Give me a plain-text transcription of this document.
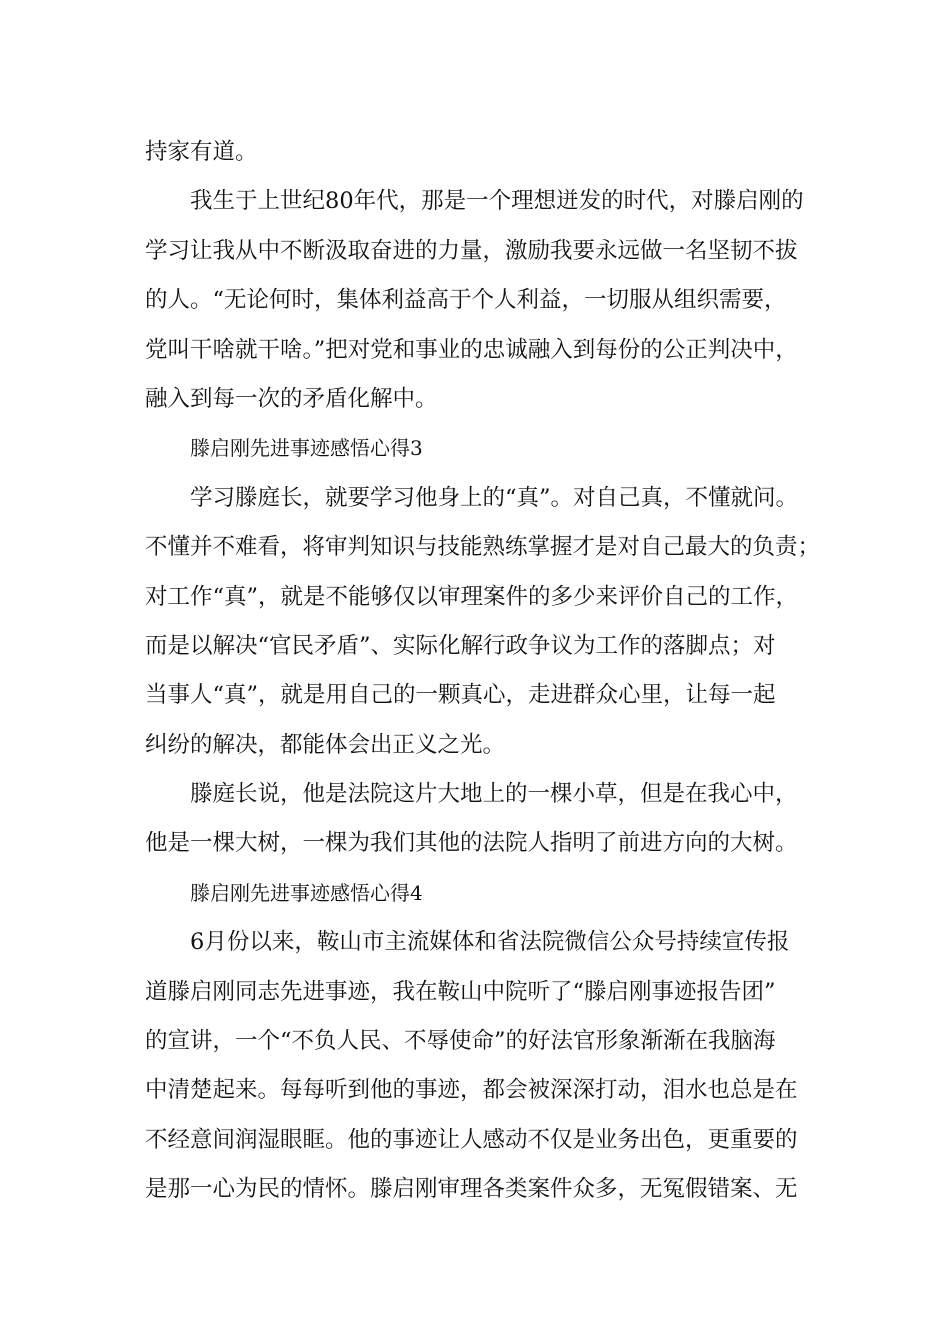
持家有道。
我生于上世纪80年代，那是一个理想迸发的时代，对滕启刚的
学习让我从中不断汲取奋进的力量，激励我要永远做一名坚韧不拔
的人。“无论何时，集体利益高于个人利益，一切服从组织需要，
党叫干啥就干啥。”把对党和事业的忠诚融入到每份的公正判决中，
融入到每一次的矛盾化解中。
滕启刚先进事迹感悟心得3
学习滕庭长，就要学习他身上的“真”。对自己真，不懂就问。
不懂并不难看，将审判知识与技能熟练掌握才是对自己最大的负责；
对工作“真”，就是不能够仅以审理案件的多少来评价自己的工作，
而是以解决“官民矛盾”、实际化解行政争议为工作的落脚点；对
当事人“真”，就是用自己的一颗真心，走进群众心里，让每一起
纠纷的解决，都能体会出正义之光。
滕庭长说，他是法院这片大地上的一棵小草，但是在我心中，
他是一棵大树，一棵为我们其他的法院人指明了前进方向的大树。
滕启刚先进事迹感悟心得4
6月份以来，鞍山市主流媒体和省法院微信公众号持续宣传报
道滕启刚同志先进事迹，我在鞍山中院听了“滕启刚事迹报告团”
的宣讲，一个“不负人民、不辱使命”的好法官形象渐渐在我脑海
中清楚起来。每每听到他的事迹，都会被深深打动，泪水也总是在
不经意间润湿眼眶。他的事迹让人感动不仅是业务出色，更重要的
是那一心为民的情怀。滕启刚审理各类案件众多，无冤假错案、无
